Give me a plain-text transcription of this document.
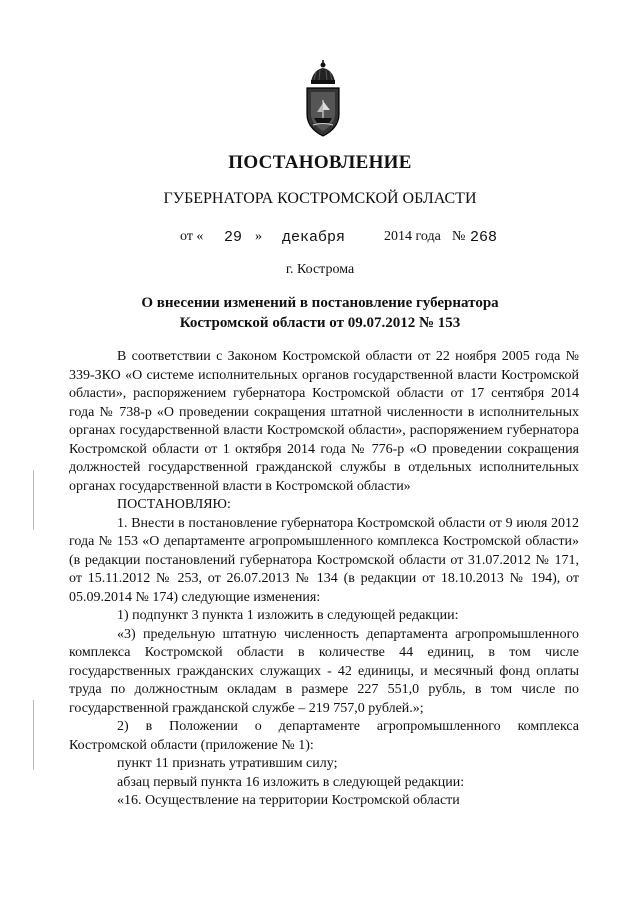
ПОСТАНОВЛЕНИЕ
ГУБЕРНАТОРА КОСТРОМСКОЙ ОБЛАСТИ
от « 29 » декабря	2014 года № 268
г. Кострома
О внесении изменений в постановление губернатора
Костромской области от 09.07.2012 № 153

В соответствии с Законом Костромской области от 22 ноября 2005 года № 339-ЗКО «О системе исполнительных органов государственной власти Костромской области», распоряжением губернатора Костромской области от 17 сентября 2014 года № 738-р «О проведении сокращения штатной численности в исполнительных органах государственной власти Костромской области», распоряжением губернатора Костромской области от 1 октября 2014 года № 776-р «О проведении сокращения должностей государственной гражданской службы в отдельных исполнительных органах государственной власти в Костромской области»

ПОСТАНОВЛЯЮ:

1. Внести в постановление губернатора Костромской области от 9 июля 2012 года № 153 «О департаменте агропромышленного комплекса Костромской области» (в редакции постановлений губернатора Костромской области от 31.07.2012 № 171, от 15.11.2012 № 253, от 26.07.2013 № 134 (в редакции от 18.10.2013 № 194), от 05.09.2014 № 174) следующие изменения:

1) подпункт 3 пункта 1 изложить в следующей редакции:

«3) предельную штатную численность департамента агропромышленного комплекса Костромской области в количестве 44 единиц, в том числе государственных гражданских служащих - 42 единицы, и месячный фонд оплаты труда по должностным окладам в размере 227 551,0 рубль, в том числе по государственной гражданской службе – 219 757,0 рублей.»;

2) в Положении о департаменте агропромышленного комплекса Костромской области (приложение № 1):

пункт 11 признать утратившим силу;

абзац первый пункта 16 изложить в следующей редакции:

«16. Осуществление на территории Костромской области
